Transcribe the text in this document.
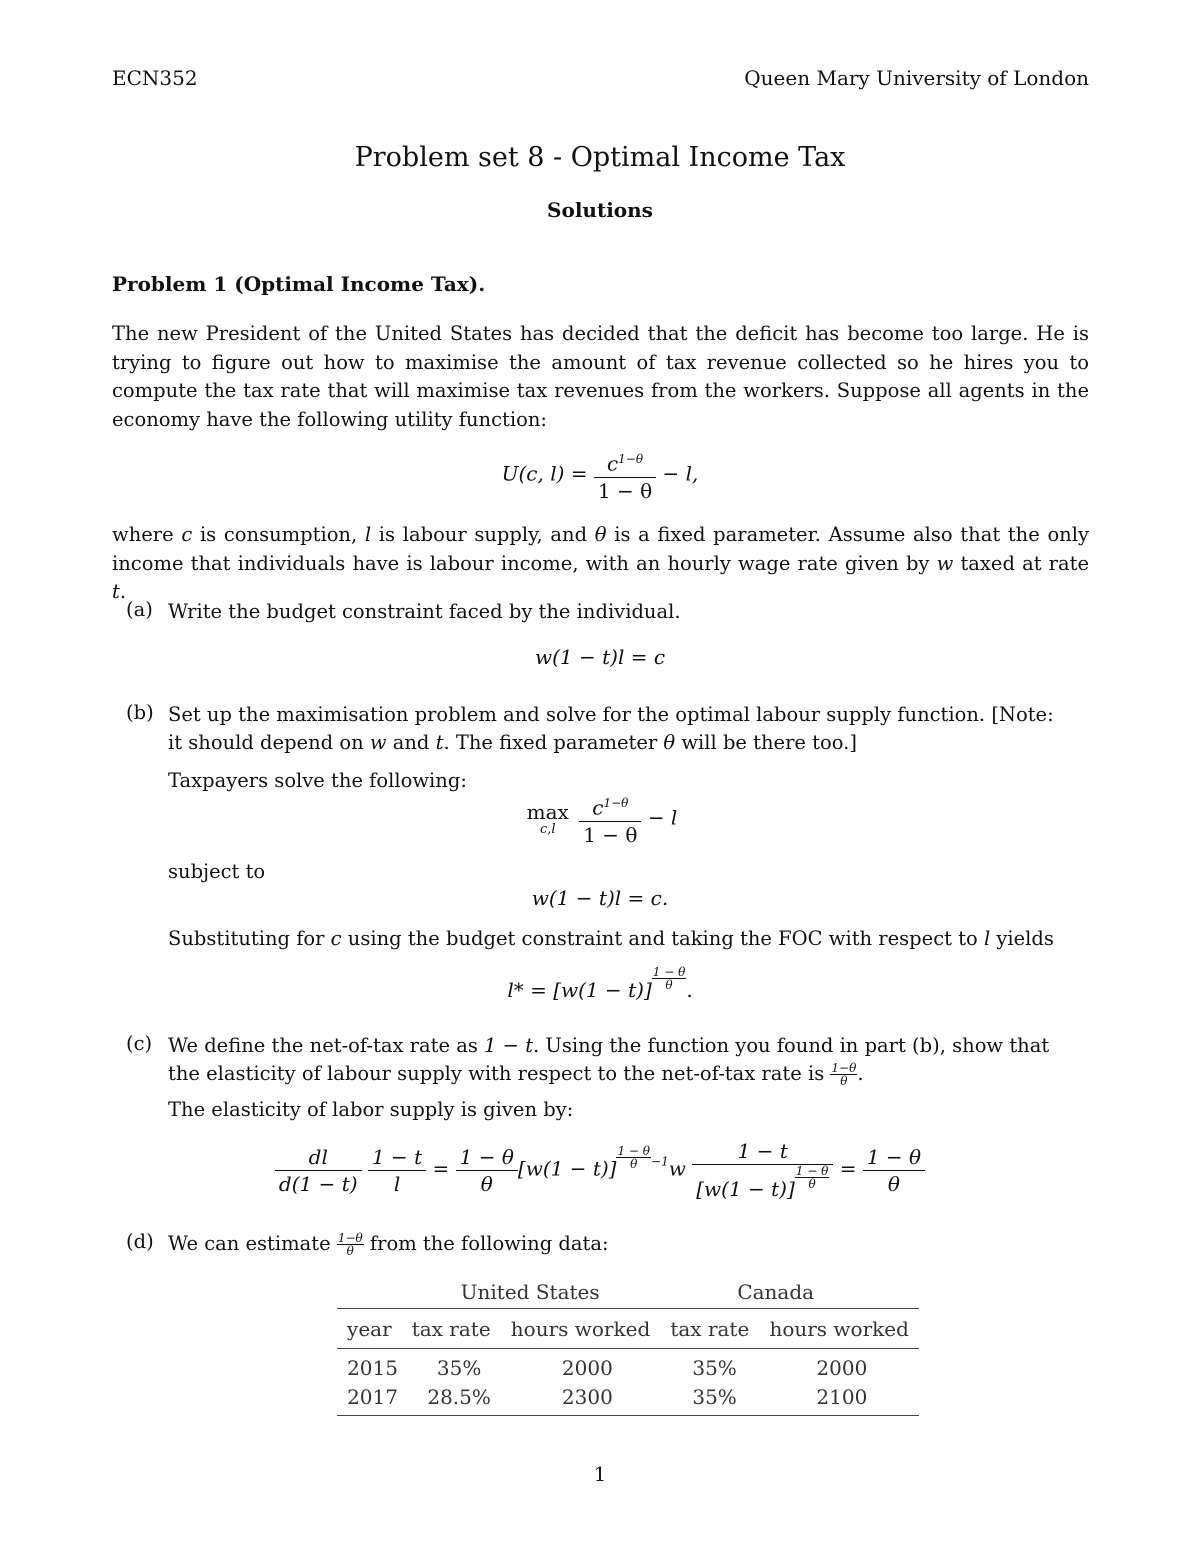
ECN352	Queen Mary University of London
Problem set 8 - Optimal Income Tax
Solutions
Problem 1 (Optimal Income Tax).
The new President of the United States has decided that the deficit has become too large. He is trying to figure out how to maximise the amount of tax revenue collected so he hires you to compute the tax rate that will maximise tax revenues from the workers. Suppose all agents in the economy have the following utility function:
U(c, $l) = \frac{c^{1-\theta}}{1 - \theta} - l$,
where c is consumption, l is labour supply, and θ is a fixed parameter. Assume also that the only income that individuals have is labour income, with an hourly wage rate given by w taxed at rate t.
(a) Write the budget constraint faced by the individual.
w(1 − t)l = c
(b) Set up the maximisation problem and solve for the optimal labour supply function. [Note:
it should depend on w and t. The fixed parameter θ will be there too.]
Taxpayers solve the following:
max
c,l
	$\frac{c^{1-\theta}}{1 - \theta} - l$
subject to
w(1 − t)l = c.
Substituting for c using the budget constraint and taking the FOC with respect to l yields
$l* = [w(1 - t)] \frac{1 - \theta}{\theta}$ .
(c) We define the net-of-tax rate as 1 − t. Using the function you found in part (b), show that
the elasticity of labour supply with respect to the net-of-tax rate is $\frac{1-\theta}{\theta}$ .
The elasticity of labor supply is given by:
$\frac{dl}{d(1 - t)}$
$\frac{1 - t}{l} = \frac{1 - \theta}{\theta} [w(1 - t)] \frac{1 - \theta}{\theta} ^{-1}w \frac{1 - t}{[w(1 - t)] \frac{1 - \theta}{\theta}} = \frac{1 - \theta}{\theta}$
(d) We can estimate $\frac{1-\theta}{\theta}$ from the following data:
	United States		Canada
year	tax rate	hours worked	tax rate	hours worked
2015	35%	2000	35%	2000
2017	28.5%	2300	35%	2100
1
